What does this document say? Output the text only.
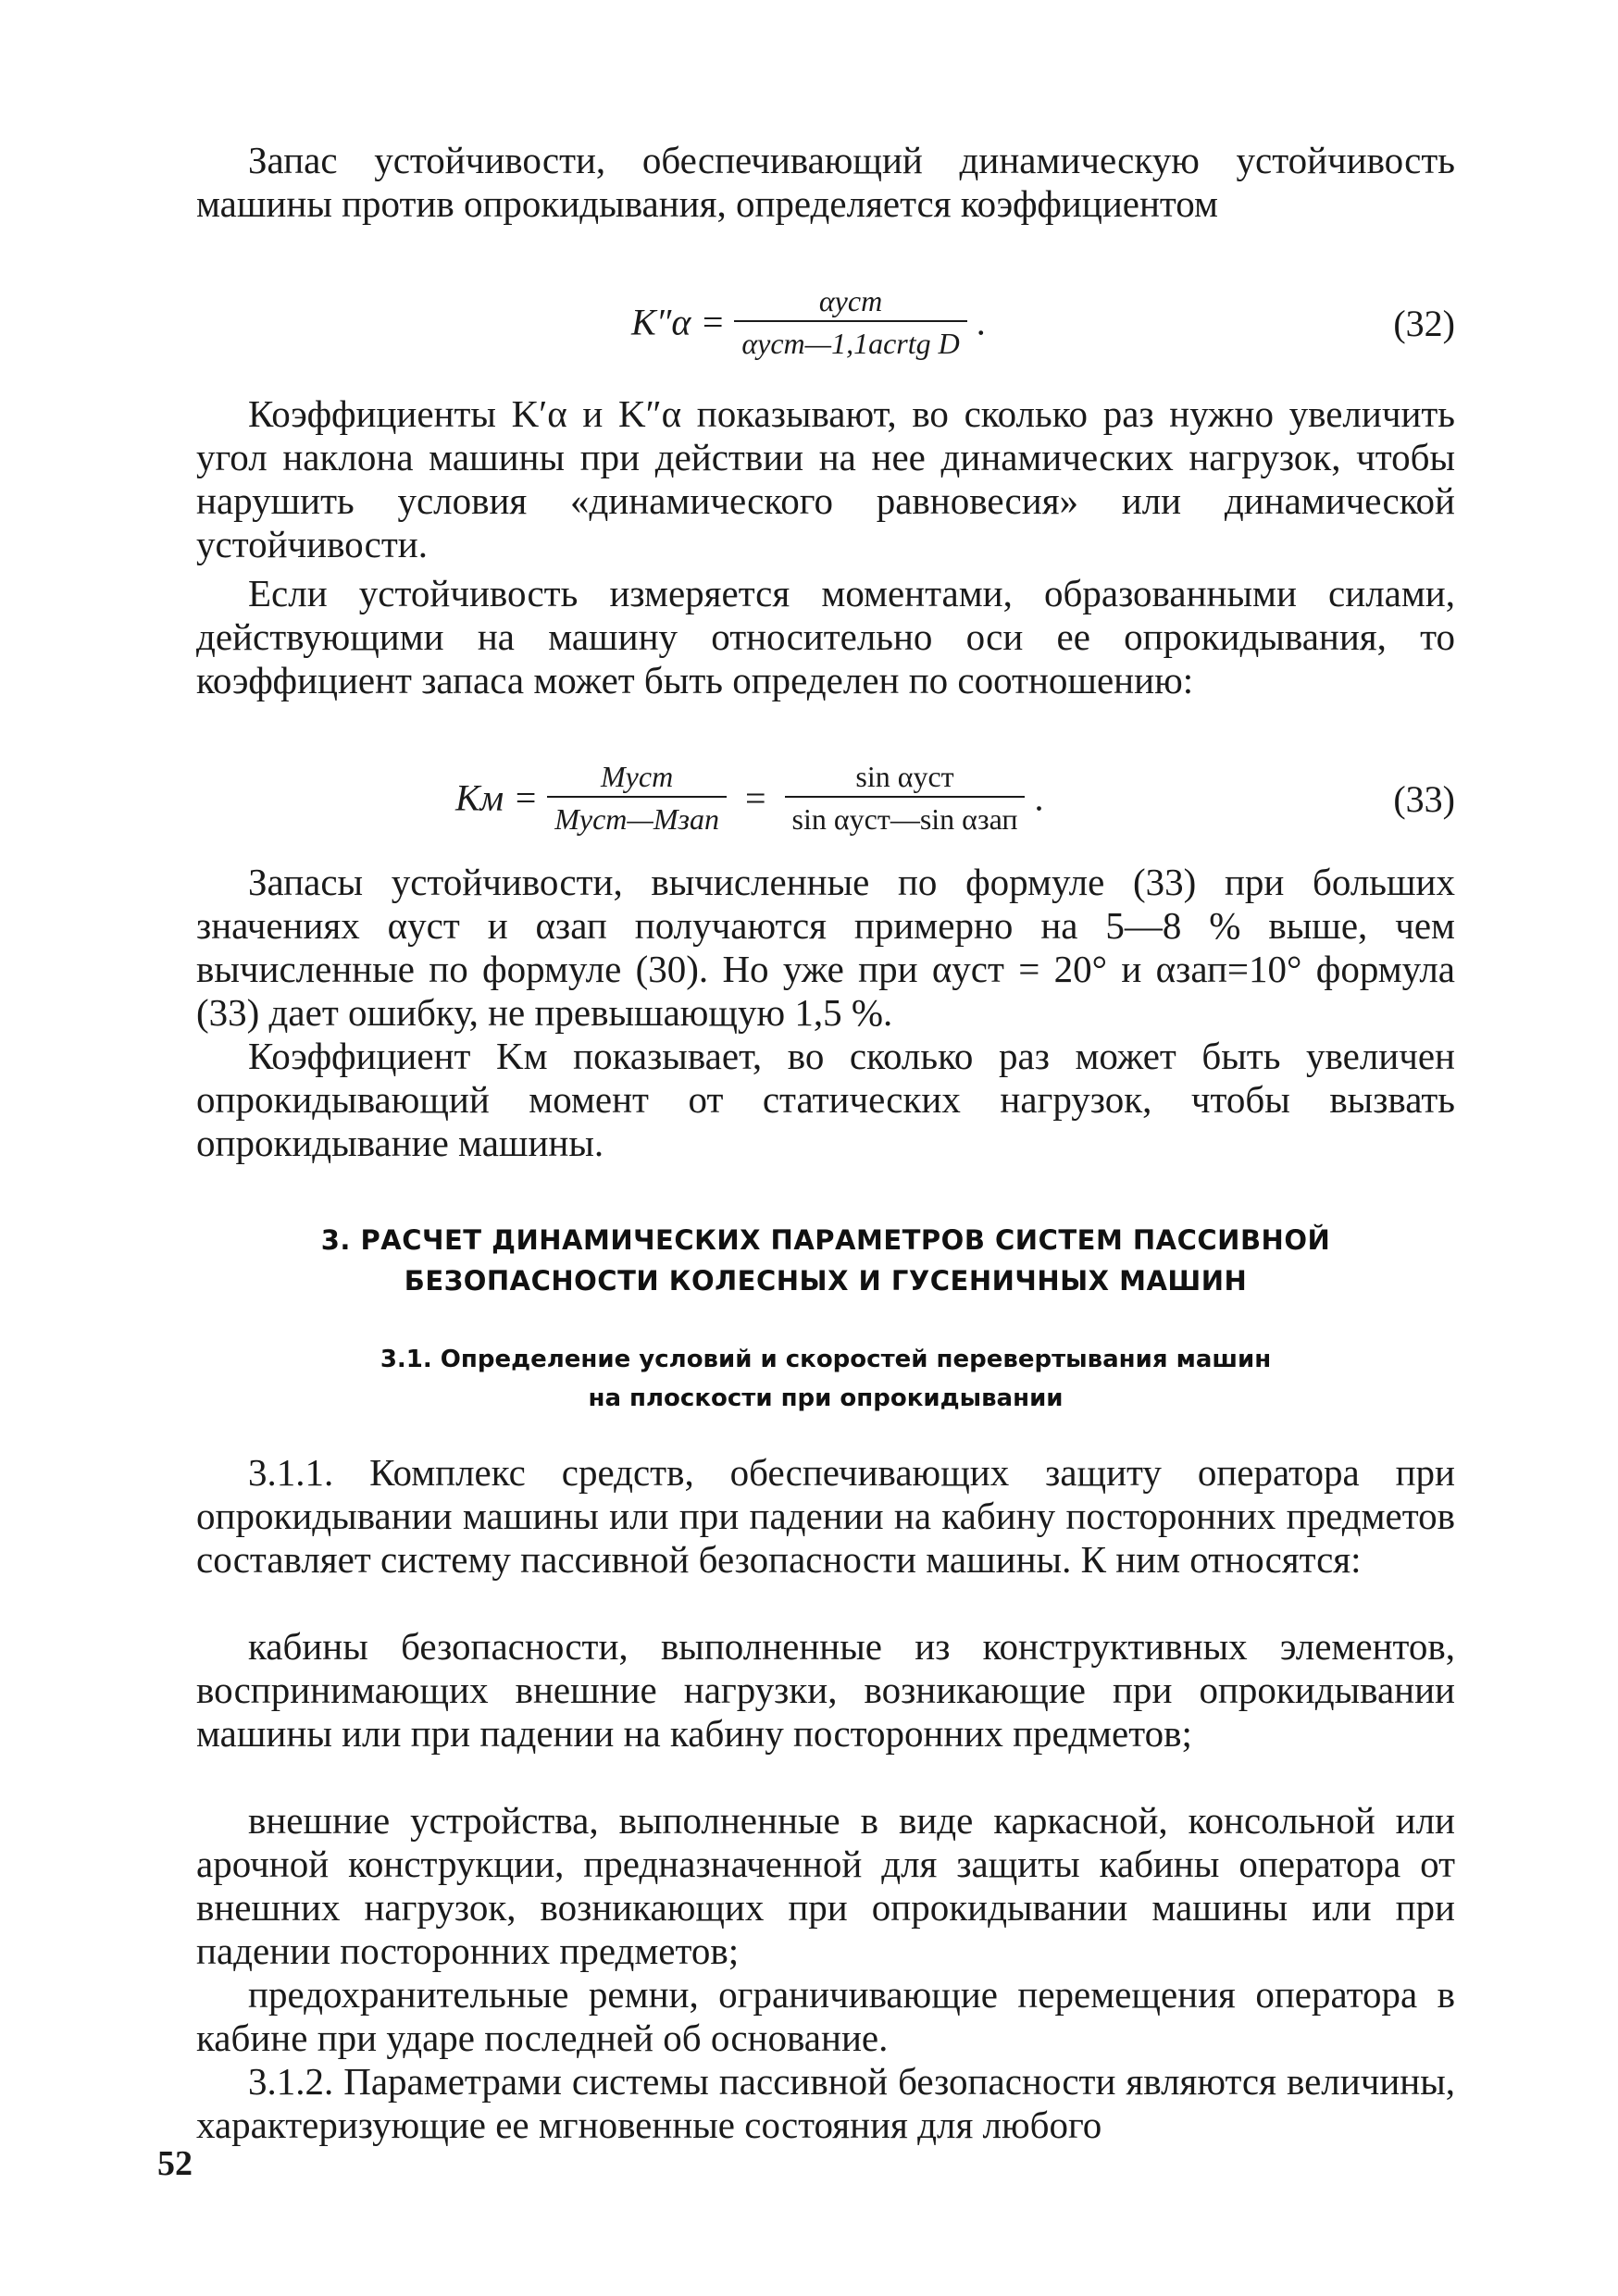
Запас устойчивости, обеспечивающий динамическую устойчивость машины против опрокидывания, определяется коэффициентом

$K''\alpha = \frac{\text{αуст}}{\text{αуст—1,1acrtg D}}$ .	(32)

Коэффициенты K′α и K″α показывают, во сколько раз нужно увеличить угол наклона машины при действии на нее динамических нагрузок, чтобы нарушить условия «динамического равновесия» или динамической устойчивости.

Если устойчивость измеряется моментами, образованными силами, действующими на машину относительно оси ее опрокидывания, то коэффициент запаса может быть определен по соотношению:

Kм = $\frac{\text{Mуст}}{\text{Mуст—Mзап}} = \frac{\text{sin αуст}}{\text{sin αуст—sin αзап}}$ .	(33)

Запасы устойчивости, вычисленные по формуле (33) при больших значениях αуст и αзап получаются примерно на 5—8 % выше, чем вычисленные по формуле (30). Но уже при αуст = 20° и αзап=10° формула (33) дает ошибку, не превышающую 1,5 %.

Коэффициент Kм показывает, во сколько раз может быть увеличен опрокидывающий момент от статических нагрузок, чтобы вызвать опрокидывание машины.

3. РАСЧЕТ ДИНАМИЧЕСКИХ ПАРАМЕТРОВ СИСТЕМ ПАССИВНОЙ
БЕЗОПАСНОСТИ КОЛЕСНЫХ И ГУСЕНИЧНЫХ МАШИН
3.1. Определение условий и скоростей перевертывания машин
на плоскости при опрокидывании

3.1.1. Комплекс средств, обеспечивающих защиту оператора при опрокидывании машины или при падении на кабину посторонних предметов составляет систему пассивной безопасности машины. К ним относятся:

кабины безопасности, выполненные из конструктивных элементов, воспринимающих внешние нагрузки, возникающие при опрокидывании машины или при падении на кабину посторонних предметов;

внешние устройства, выполненные в виде каркасной, консольной или арочной конструкции, предназначенной для защиты кабины оператора от внешних нагрузок, возникающих при опрокидывании машины или при падении посторонних предметов;

предохранительные ремни, ограничивающие перемещения оператора в кабине при ударе последней об основание.

3.1.2. Параметрами системы пассивной безопасности являются величины, характеризующие ее мгновенные состояния для любого

52
